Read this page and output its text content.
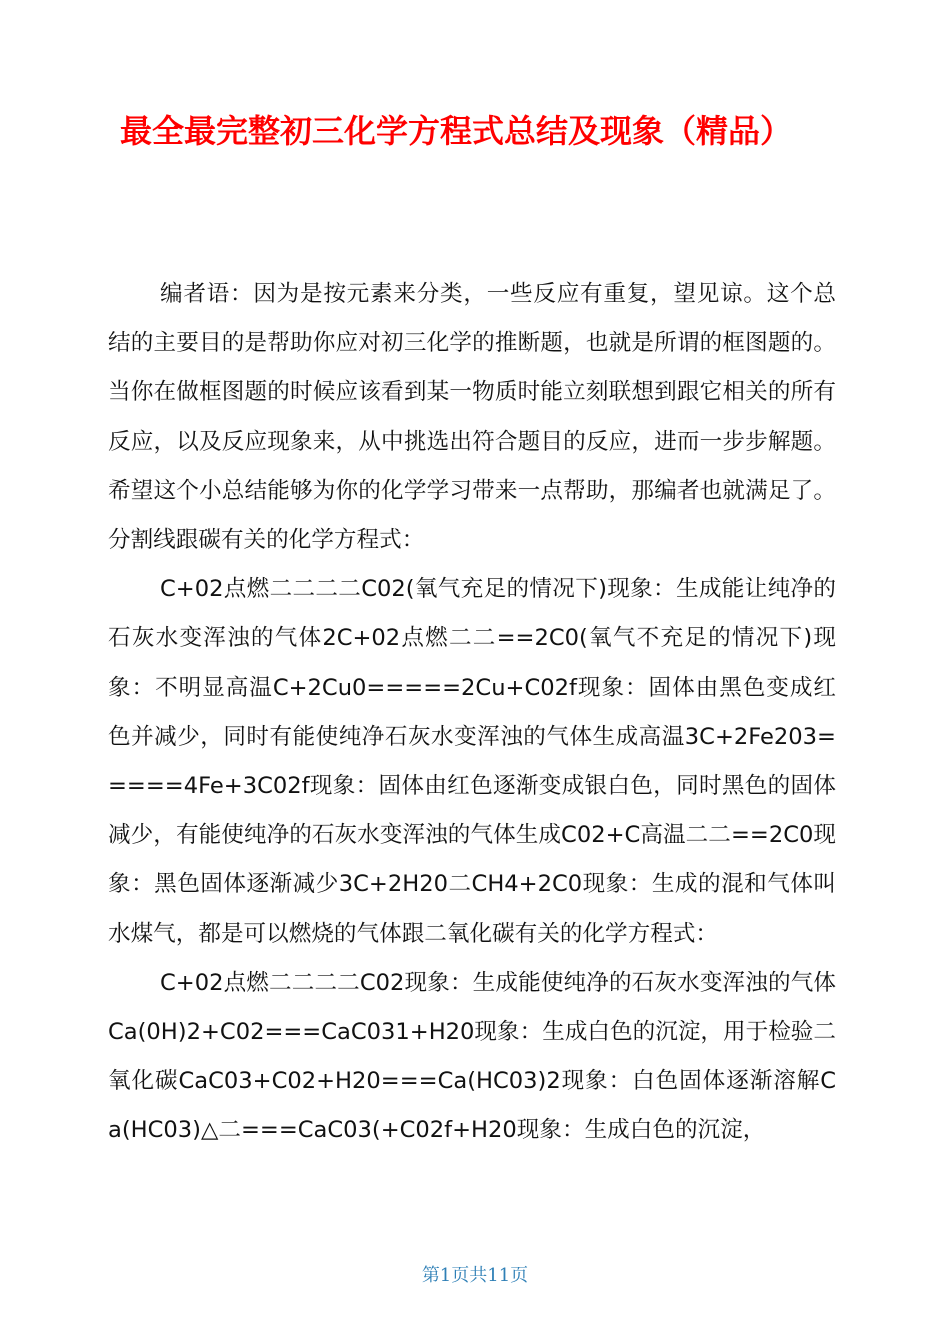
最全最完整初三化学方程式总结及现象（精品）

编者语：因为是按元素来分类，一些反应有重复，望见谅。这个总结的主要目的是帮助你应对初三化学的推断题，也就是所谓的框图题的。当你在做框图题的时候应该看到某一物质时能立刻联想到跟它相关的所有反应，以及反应现象来，从中挑选出符合题目的反应，进而一步步解题。希望这个小总结能够为你的化学学习带来一点帮助，那编者也就满足了。分割线跟碳有关的化学方程式：

C+02点燃二二二二C02(氧气充足的情况下)现象：生成能让纯净的石灰水变浑浊的气体2C+02点燃二二==2C0(氧气不充足的情况下)现象：不明显高温C+2Cu0=====2Cu+C02f现象：固体由黑色变成红色并减少，同时有能使纯净石灰水变浑浊的气体生成高温3C+2Fe203=====4Fe+3C02f现象：固体由红色逐渐变成银白色，同时黑色的固体减少，有能使纯净的石灰水变浑浊的气体生成C02+C高温二二==2C0现象：黑色固体逐渐减少3C+2H20二CH4+2C0现象：生成的混和气体叫水煤气，都是可以燃烧的气体跟二氧化碳有关的化学方程式：

C+02点燃二二二二C02现象：生成能使纯净的石灰水变浑浊的气体Ca(0H)2+C02===CaC031+H20现象：生成白色的沉淀，用于检验二氧化碳CaC03+C02+H20===Ca(HC03)2现象：白色固体逐渐溶解Ca(HC03)△二===CaC03(+C02f+H20现象：生成白色的沉淀，

第1页共11页
